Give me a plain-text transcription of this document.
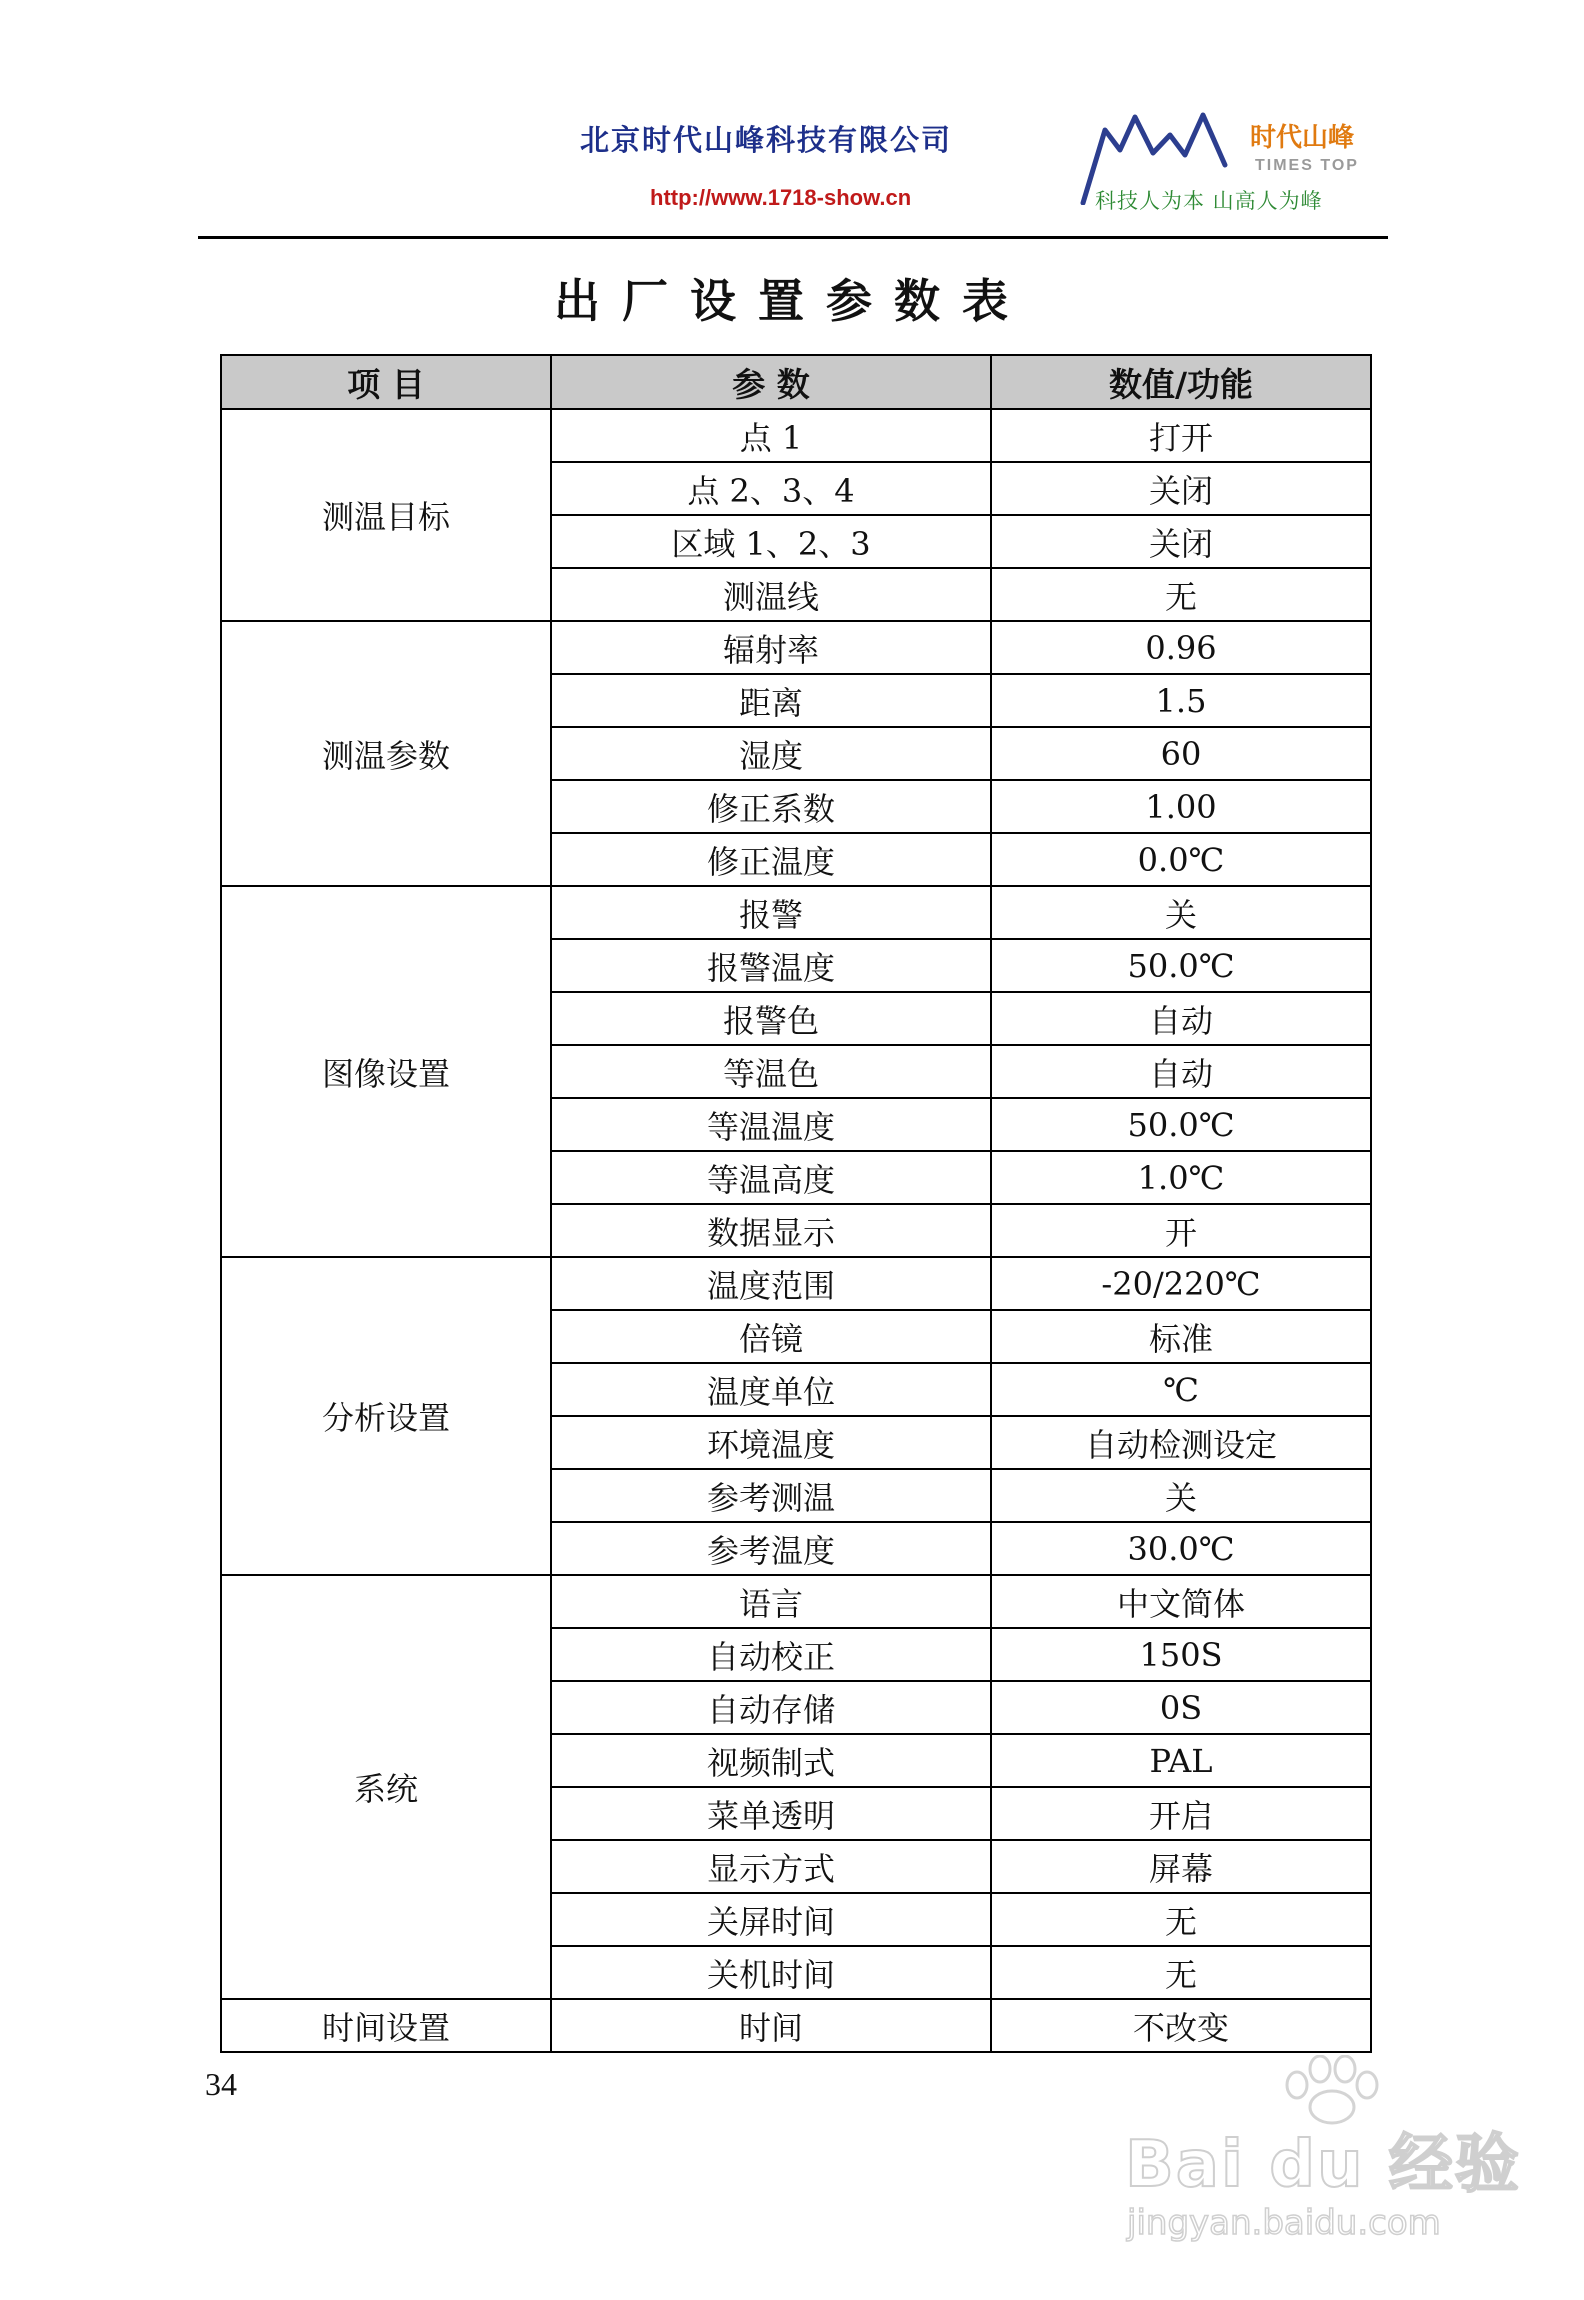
北京时代山峰科技有限公司
http://www.1718-show.cn
时代山峰
TIMES TOP
科技人为本 山高人为峰
出厂设置参数表
项 目	参 数	数值/功能
测温目标	点 1	打开
	点 2、3、4	关闭
	区域 1、2、3	关闭
	测温线	无
测温参数	辐射率	0.96
	距离	1.5
	湿度	60
	修正系数	1.00
	修正温度	0.0℃
图像设置	报警	关
	报警温度	50.0℃
	报警色	自动
	等温色	自动
	等温温度	50.0℃
	等温高度	1.0℃
	数据显示	开
分析设置	温度范围	-20/220℃
	倍镜	标准
	温度单位	℃
	环境温度	自动检测设定
	参考测温	关
	参考温度	30.0℃
系统	语言	中文简体
	自动校正	150S
	自动存储	0S
	视频制式	PAL
	菜单透明	开启
	显示方式	屏幕
	关屏时间	无
	关机时间	无
时间设置	时间	不改变
34
Bai du 经验
jingyan.baidu.com
